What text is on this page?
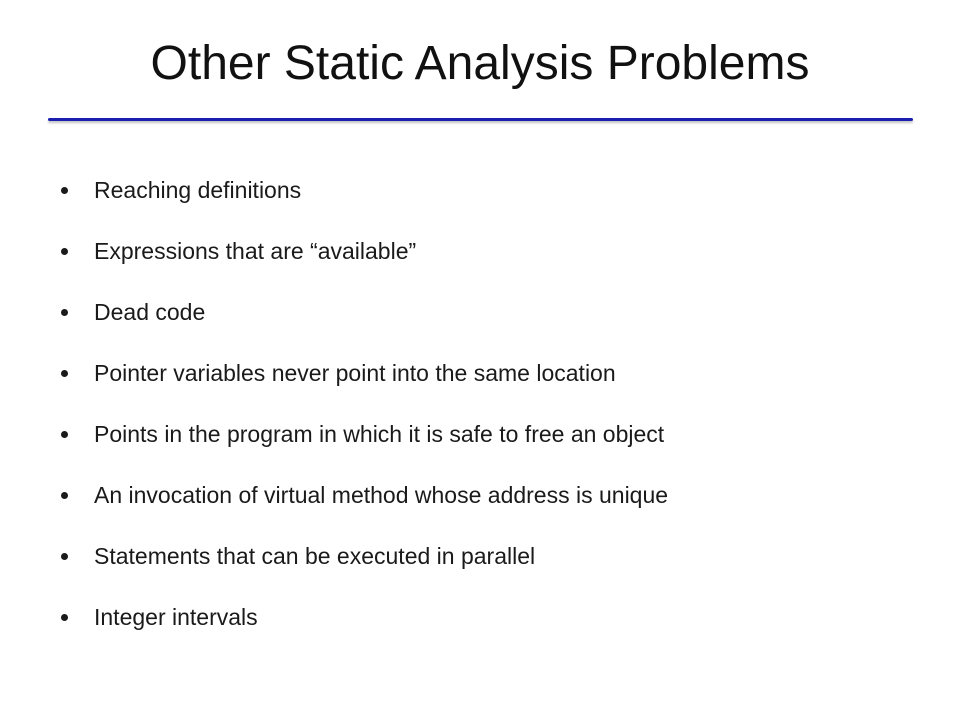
Other Static Analysis Problems
Reaching definitions
Expressions that are “available”
Dead code
Pointer variables never point into the same location
Points in the program in which it is safe to free an object
An invocation of virtual method whose address is unique
Statements that can be executed in parallel
Integer intervals
